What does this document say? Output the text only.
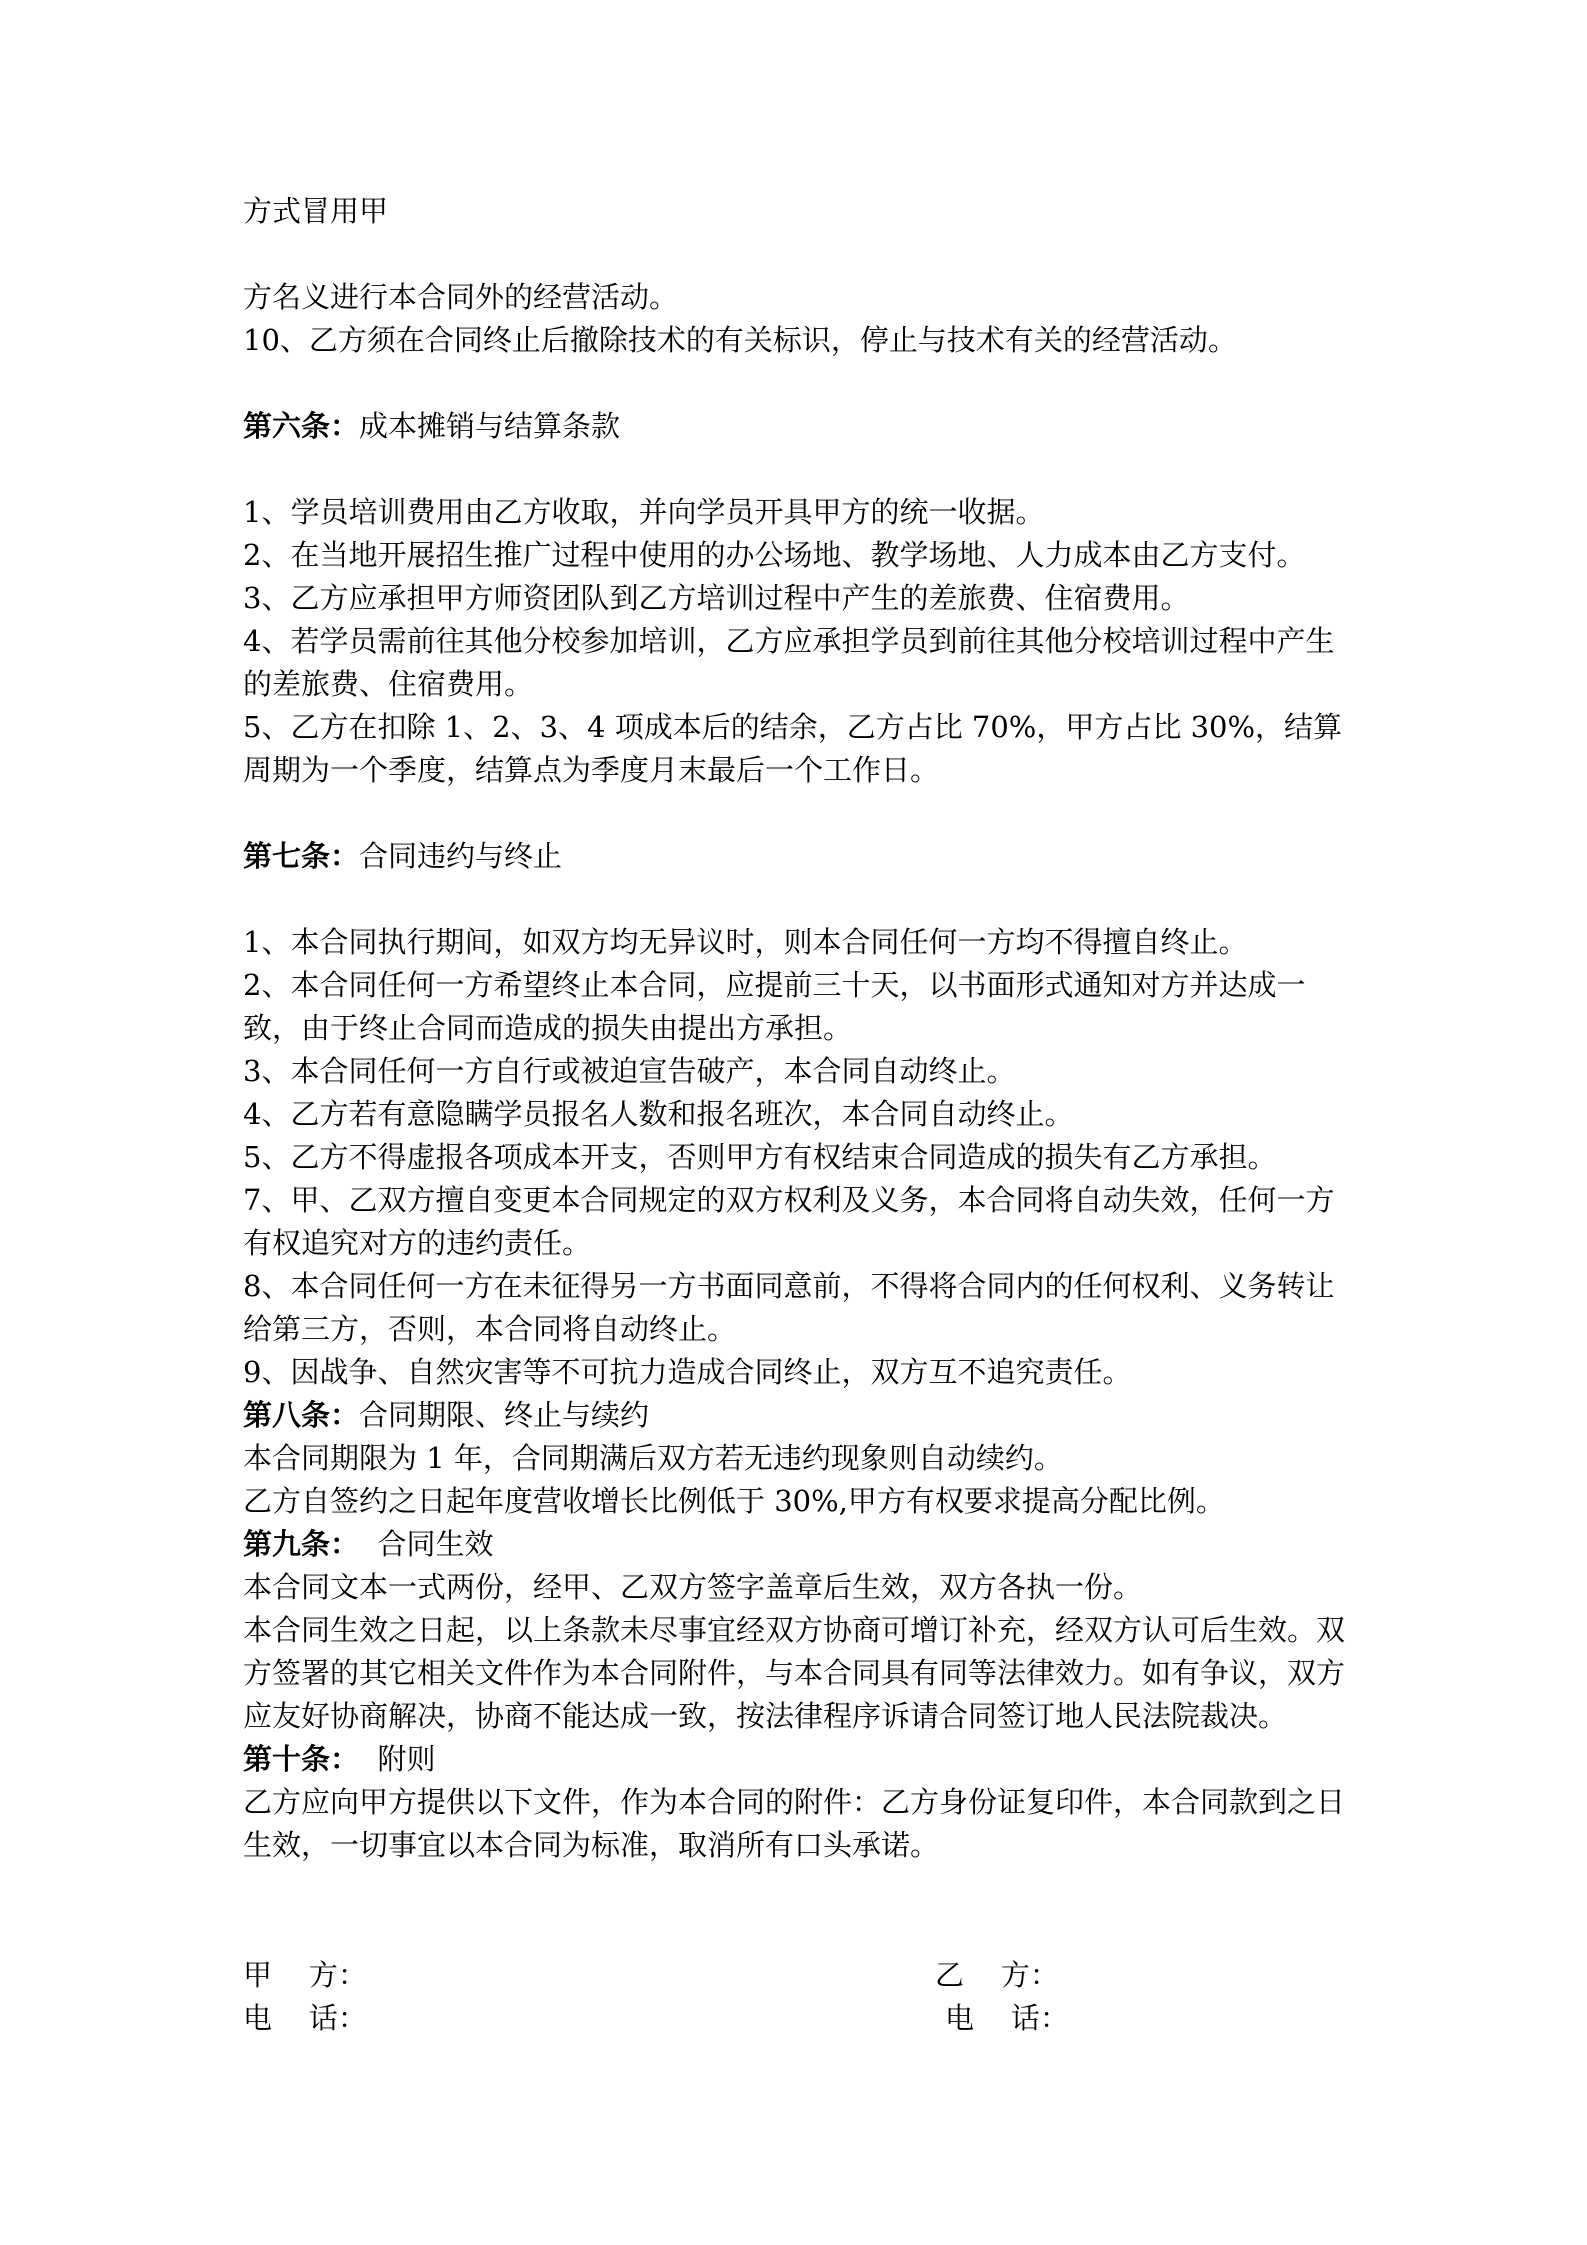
方式冒用甲

方名义进行本合同外的经营活动。

10、乙方须在合同终止后撤除技术的有关标识，停止与技术有关的经营活动。

第六条：成本摊销与结算条款

1、学员培训费用由乙方收取，并向学员开具甲方的统一收据。

2、在当地开展招生推广过程中使用的办公场地、教学场地、人力成本由乙方支付。

3、乙方应承担甲方师资团队到乙方培训过程中产生的差旅费、住宿费用。

4、若学员需前往其他分校参加培训，乙方应承担学员到前往其他分校培训过程中产生的差旅费、住宿费用。

5、乙方在扣除 1、2、3、4 项成本后的结余，乙方占比 70%，甲方占比 30%，结算周期为一个季度，结算点为季度月末最后一个工作日。

第七条：合同违约与终止

1、本合同执行期间，如双方均无异议时，则本合同任何一方均不得擅自终止。

2、本合同任何一方希望终止本合同，应提前三十天，以书面形式通知对方并达成一致，由于终止合同而造成的损失由提出方承担。

3、本合同任何一方自行或被迫宣告破产，本合同自动终止。

4、乙方若有意隐瞒学员报名人数和报名班次，本合同自动终止。

5、乙方不得虚报各项成本开支，否则甲方有权结束合同造成的损失有乙方承担。

7、甲、乙双方擅自变更本合同规定的双方权利及义务，本合同将自动失效，任何一方有权追究对方的违约责任。

8、本合同任何一方在未征得另一方书面同意前，不得将合同内的任何权利、义务转让给第三方，否则，本合同将自动终止。

9、因战争、自然灾害等不可抗力造成合同终止，双方互不追究责任。

第八条：合同期限、终止与续约

本合同期限为 1 年，合同期满后双方若无违约现象则自动续约。

乙方自签约之日起年度营收增长比例低于 30%,甲方有权要求提高分配比例。

第九条：  合同生效

本合同文本一式两份，经甲、乙双方签字盖章后生效，双方各执一份。

本合同生效之日起，以上条款未尽事宜经双方协商可增订补充，经双方认可后生效。双方签署的其它相关文件作为本合同附件，与本合同具有同等法律效力。如有争议，双方应友好协商解决，协商不能达成一致，按法律程序诉请合同签订地人民法院裁决。

第十条：  附则

乙方应向甲方提供以下文件，作为本合同的附件：乙方身份证复印件，本合同款到之日生效，一切事宜以本合同为标准，取消所有口头承诺。

甲    方：	乙    方：
电    话：	电    话：
